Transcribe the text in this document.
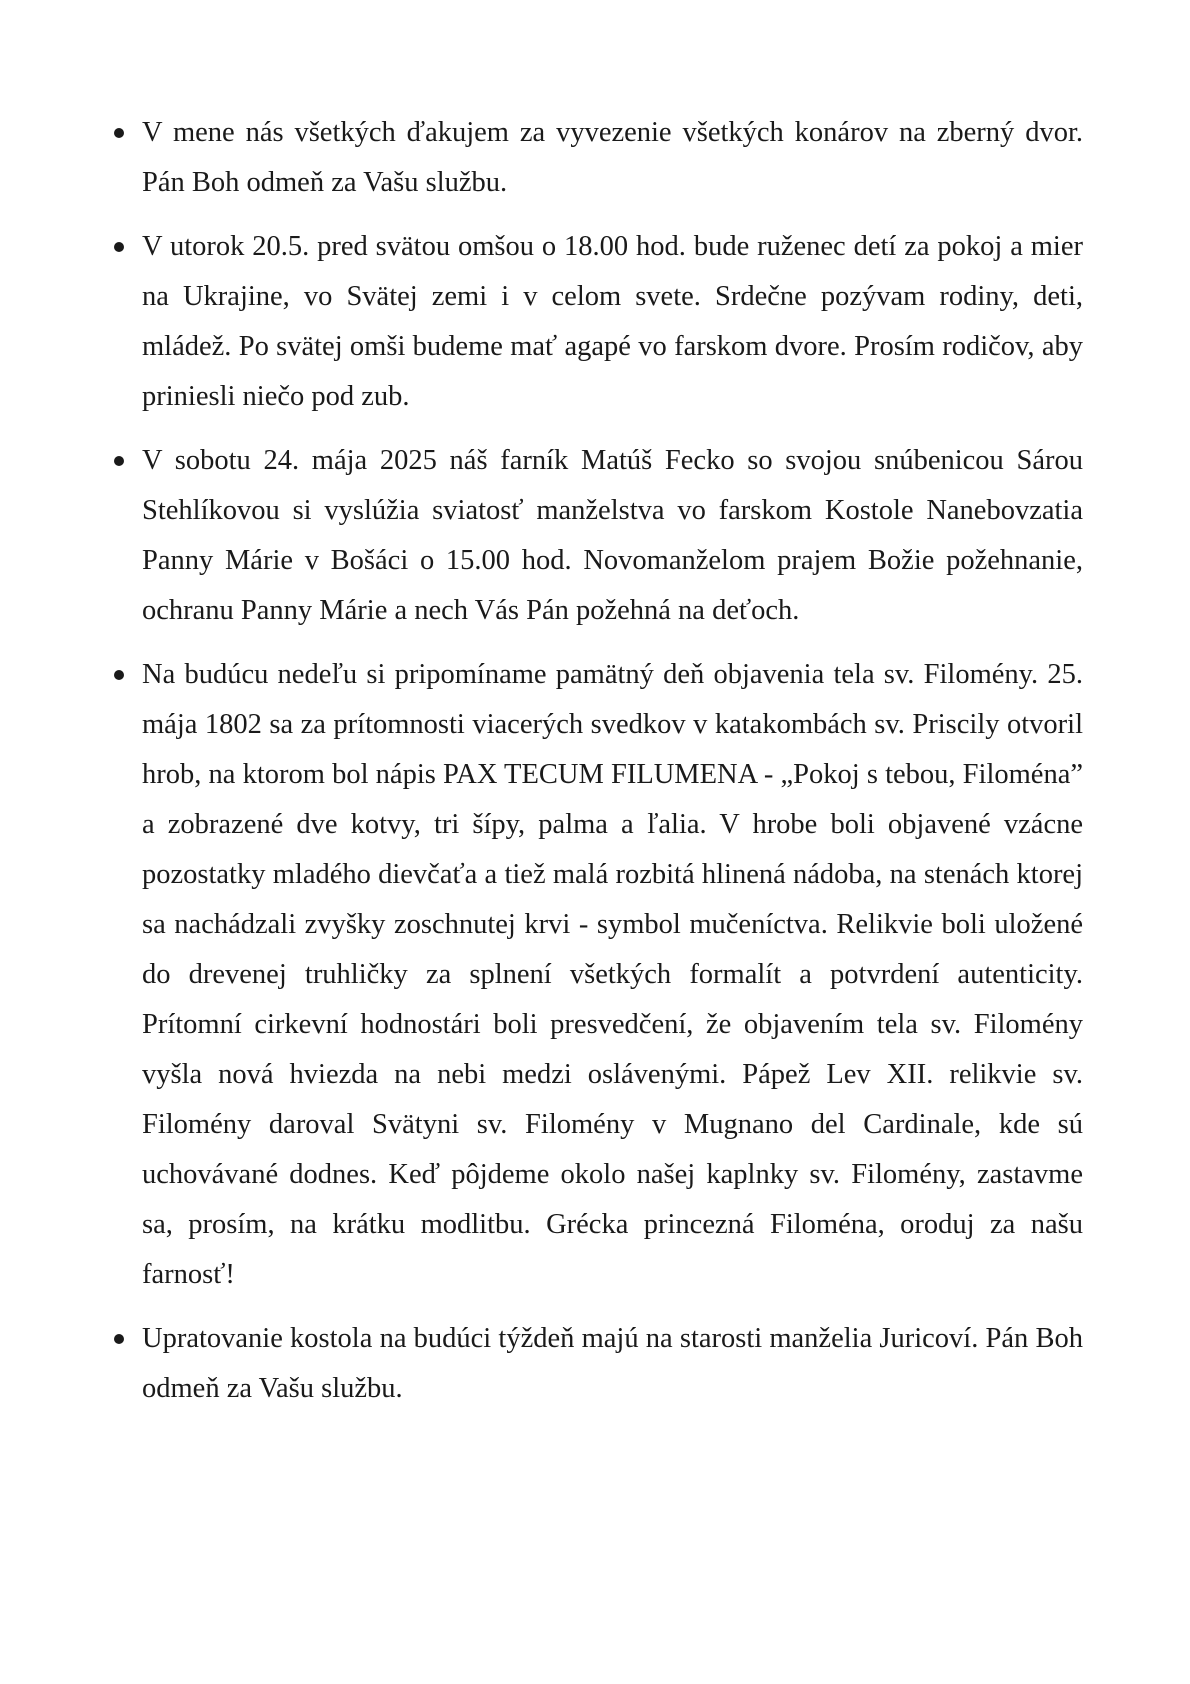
V mene nás všetkých ďakujem za vyvezenie všetkých konárov na zberný dvor. Pán Boh odmeň za Vašu službu.
V utorok 20.5. pred svätou omšou o 18.00 hod. bude ruženec detí za pokoj a mier na Ukrajine, vo Svätej zemi i v celom svete. Srdečne pozývam rodiny, deti, mládež. Po svätej omši budeme mať agapé vo farskom dvore. Prosím rodičov, aby priniesli niečo pod zub.
V sobotu 24. mája 2025 náš farník Matúš Fecko so svojou snúbenicou Sárou Stehlíkovou si vyslúžia sviatosť manželstva vo farskom Kostole Nanebovzatia Panny Márie v Bošáci o 15.00 hod. Novomanželom prajem Božie požehnanie, ochranu Panny Márie a nech Vás Pán požehná na deťoch.
Na budúcu nedeľu si pripomíname pamätný deň objavenia tela sv. Filomény. 25. mája 1802 sa za prítomnosti viacerých svedkov v katakombách sv. Priscily otvoril hrob, na ktorom bol nápis PAX TECUM FILUMENA - „Pokoj s tebou, Filoména” a zobrazené dve kotvy, tri šípy, palma a ľalia. V hrobe boli objavené vzácne pozostatky mladého dievčaťa a tiež malá rozbitá hlinená nádoba, na stenách ktorej sa nachádzali zvyšky zoschnutej krvi - symbol mučeníctva. Relikvie boli uložené do drevenej truhličky za splnení všetkých formalít a potvrdení autenticity. Prítomní cirkevní hodnostári boli presvedčení, že objavením tela sv. Filomény vyšla nová hviezda na nebi medzi oslávenými. Pápež Lev XII. relikvie sv. Filomény daroval Svätyni sv. Filomény v Mugnano del Cardinale, kde sú uchovávané dodnes. Keď pôjdeme okolo našej kaplnky sv. Filomény, zastavme sa, prosím, na krátku modlitbu. Grécka princezná Filoména, oroduj za našu farnosť!
Upratovanie kostola na budúci týždeň majú na starosti manželia Juricoví. Pán Boh odmeň za Vašu službu.
